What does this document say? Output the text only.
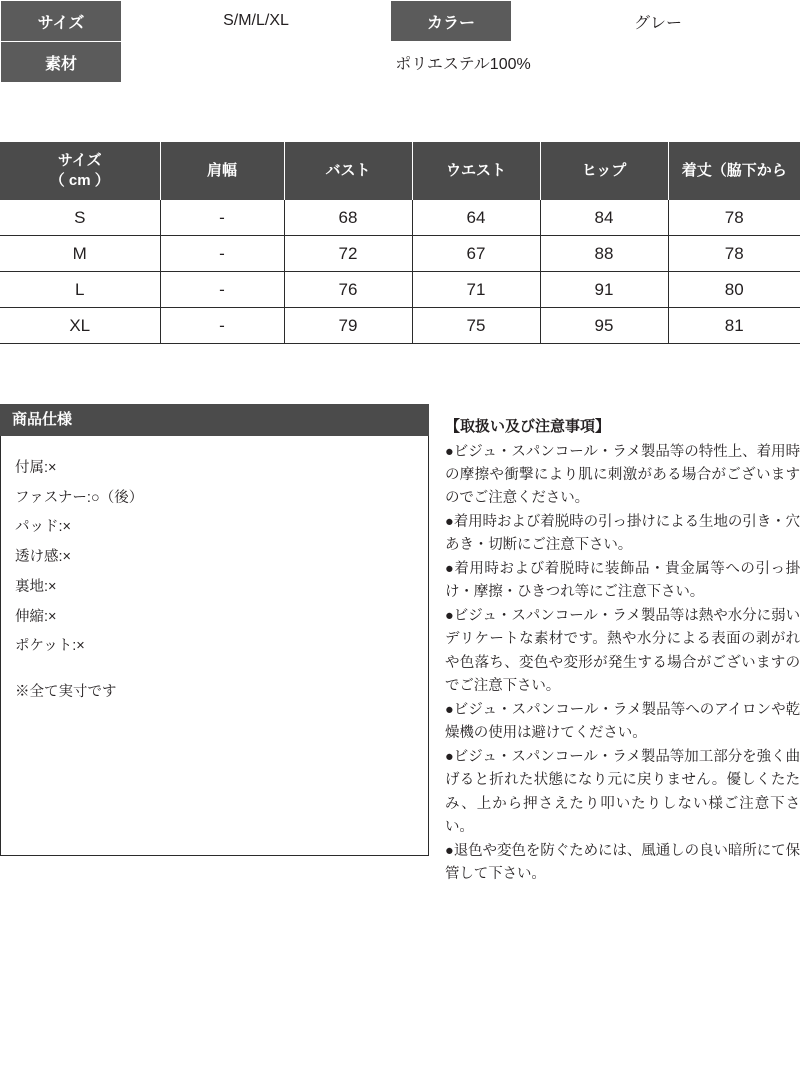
サイズ	S/M/L/XL	カラー	グレー
素材	ポリエステル100%		
サイズ
（ cm ）	肩幅	バスト	ウエスト	ヒップ	着丈（脇下から
S	-	68	64	84	78
M	-	72	67	88	78
L	-	76	71	91	80
XL	-	79	75	95	81
商品仕様
付属:×
ファスナー:○（後）
パッド:×
透け感:×
裏地:×
伸縮:×
ポケット:×
※全て実寸です
【取扱い及び注意事項】

●ビジュ・スパンコール・ラメ製品等の特性上、着用時の摩擦や衝撃により肌に刺激がある場合がございますのでご注意ください。

●着用時および着脱時の引っ掛けによる生地の引き・穴あき・切断にご注意下さい。

●着用時および着脱時に装飾品・貴金属等への引っ掛け・摩擦・ひきつれ等にご注意下さい。

●ビジュ・スパンコール・ラメ製品等は熱や水分に弱いデリケートな素材です。熱や水分による表面の剥がれや色落ち、変色や変形が発生する場合がございますのでご注意下さい。

●ビジュ・スパンコール・ラメ製品等へのアイロンや乾燥機の使用は避けてください。

●ビジュ・スパンコール・ラメ製品等加工部分を強く曲げると折れた状態になり元に戻りません。優しくたたみ、上から押さえたり叩いたりしない様ご注意下さい。

●退色や変色を防ぐためには、風通しの良い暗所にて保管して下さい。
